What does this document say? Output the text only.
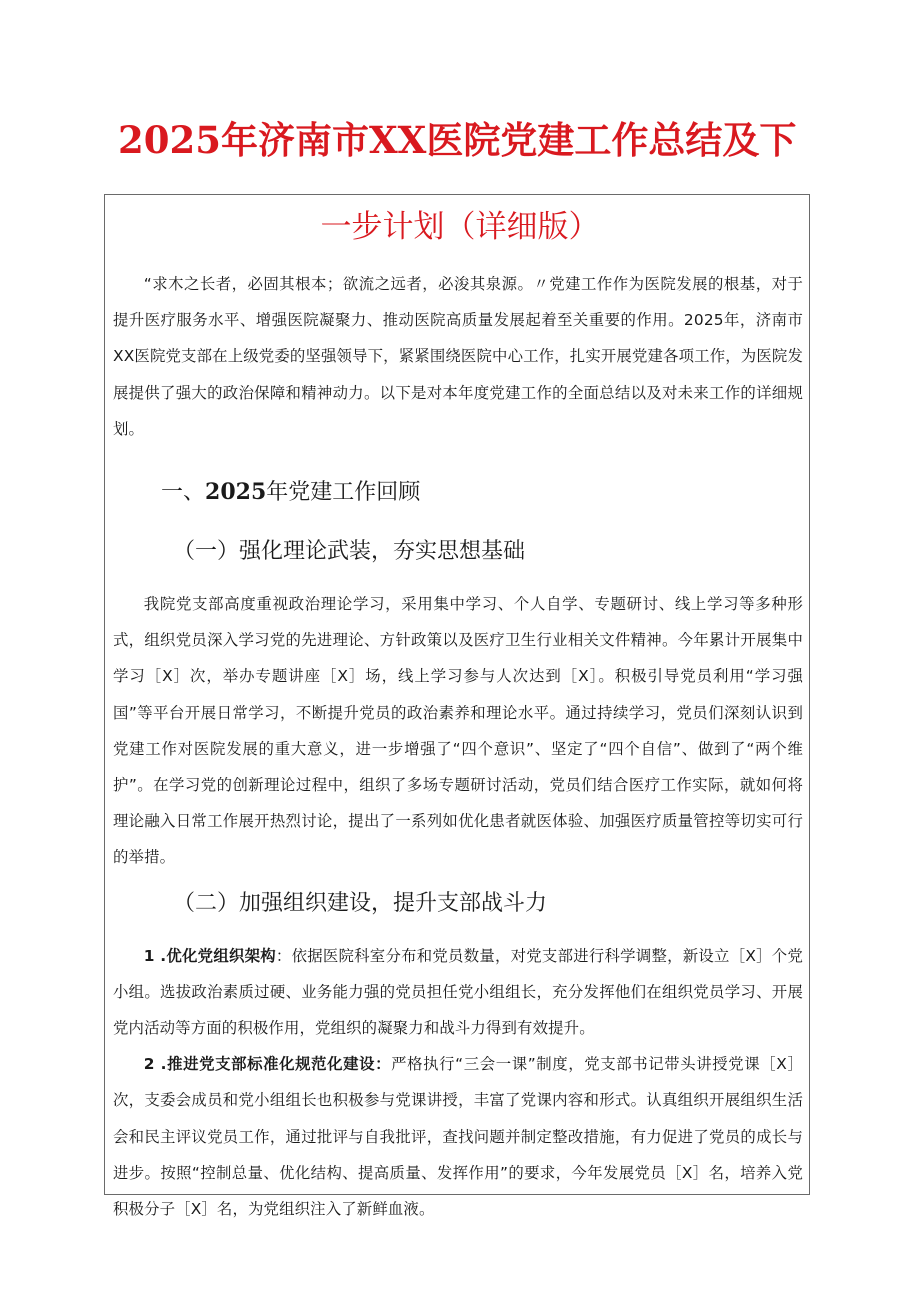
2025年济南市XX医院党建工作总结及下
一步计划（详细版）

“求木之长者，必固其根本；欲流之远者，必浚其泉源。〃党建工作作为医院发展的根基，对于提升医疗服务水平、增强医院凝聚力、推动医院高质量发展起着至关重要的作用。2025年，济南市XX医院党支部在上级党委的坚强领导下，紧紧围绕医院中心工作，扎实开展党建各项工作，为医院发展提供了强大的政治保障和精神动力。以下是对本年度党建工作的全面总结以及对未来工作的详细规划。

一、2025年党建工作回顾
（一）强化理论武装，夯实思想基础

我院党支部高度重视政治理论学习，采用集中学习、个人自学、专题研讨、线上学习等多种形式，组织党员深入学习党的先进理论、方针政策以及医疗卫生行业相关文件精神。今年累计开展集中学习［X］次，举办专题讲座［X］场，线上学习参与人次达到［X］。积极引导党员利用“学习强国”等平台开展日常学习，不断提升党员的政治素养和理论水平。通过持续学习，党员们深刻认识到党建工作对医院发展的重大意义，进一步增强了“四个意识”、坚定了“四个自信”、做到了“两个维护”。在学习党的创新理论过程中，组织了多场专题研讨活动，党员们结合医疗工作实际，就如何将理论融入日常工作展开热烈讨论，提出了一系列如优化患者就医体验、加强医疗质量管控等切实可行的举措。

（二）加强组织建设，提升支部战斗力

1 .优化党组织架构：依据医院科室分布和党员数量，对党支部进行科学调整，新设立［X］个党小组。选拔政治素质过硬、业务能力强的党员担任党小组组长，充分发挥他们在组织党员学习、开展党内活动等方面的积极作用，党组织的凝聚力和战斗力得到有效提升。

2 .推进党支部标准化规范化建设：严格执行“三会一课”制度，党支部书记带头讲授党课［X］次，支委会成员和党小组组长也积极参与党课讲授，丰富了党课内容和形式。认真组织开展组织生活会和民主评议党员工作，通过批评与自我批评，查找问题并制定整改措施，有力促进了党员的成长与进步。按照“控制总量、优化结构、提高质量、发挥作用”的要求，今年发展党员［X］名，培养入党积极分子［X］名，为党组织注入了新鲜血液。
